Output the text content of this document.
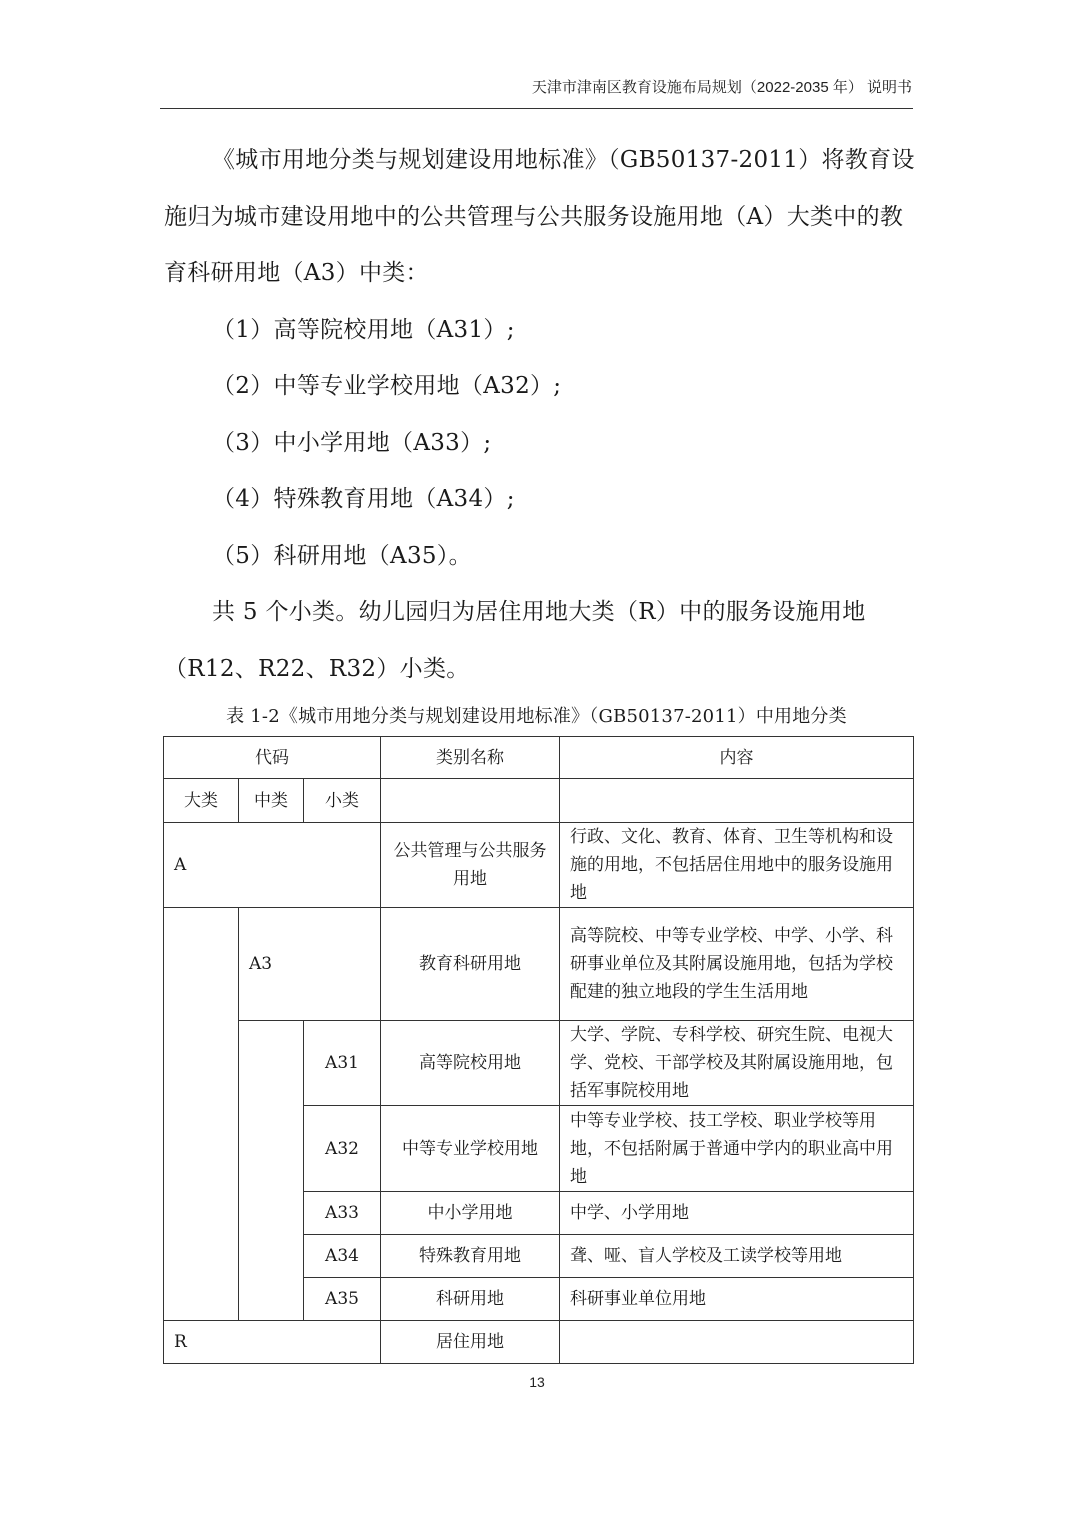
天津市津南区教育设施布局规划（2022-2035 年） 说明书

《城市用地分类与规划建设用地标准》（GB50137-2011）将教育设施归为城市建设用地中的公共管理与公共服务设施用地（A）大类中的教育科研用地（A3）中类：

（1）高等院校用地（A31）;

（2）中等专业学校用地（A32）;

（3）中小学用地（A33）;

（4）特殊教育用地（A34）;

（5）科研用地（A35）。

共 5 个小类。幼儿园归为居住用地大类（R）中的服务设施用地（R12、R22、R32）小类。

表 1-2《城市用地分类与规划建设用地标准》（GB50137-2011）中用地分类
代码			类别名称	内容
大类	中类	小类		
A			公共管理与公共服务用地	行政、文化、教育、体育、卫生等机构和设施的用地，不包括居住用地中的服务设施用地
	A3		教育科研用地	高等院校、中等专业学校、中学、小学、科研事业单位及其附属设施用地，包括为学校配建的独立地段的学生生活用地
		A31	高等院校用地	大学、学院、专科学校、研究生院、电视大学、党校、干部学校及其附属设施用地，包括军事院校用地
		A32	中等专业学校用地	中等专业学校、技工学校、职业学校等用地，不包括附属于普通中学内的职业高中用地
		A33	中小学用地	中学、小学用地
		A34	特殊教育用地	聋、哑、盲人学校及工读学校等用地
		A35	科研用地	科研事业单位用地
R			居住用地	
13
